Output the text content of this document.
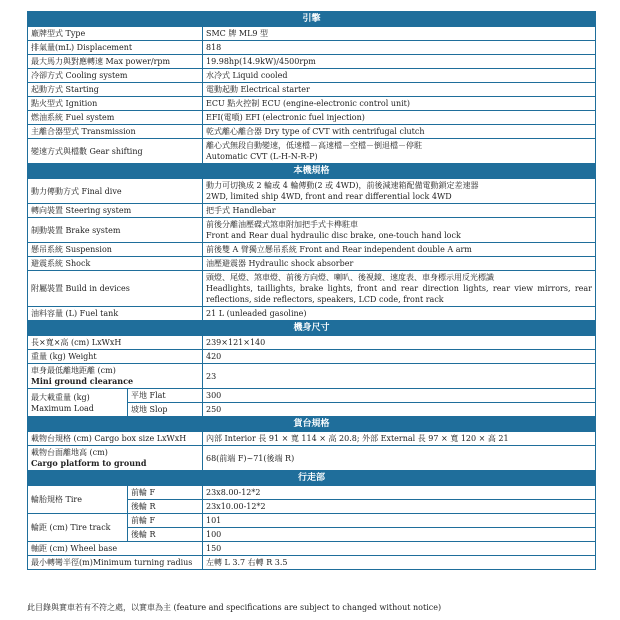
引擎		
廠牌型式 Type		SMC 牌 ML9 型
排氣量(mL) Displacement		818
最大馬力與對應轉速 Max power/rpm		19.98hp(14.9kW)/4500rpm
冷卻方式 Cooling system		水冷式 Liquid cooled
起動方式 Starting		電動起動 Electrical starter
點火型式 Ignition		ECU 點火控制 ECU (engine-electronic control unit)
燃油系統 Fuel system		EFI(電噴) EFI (electronic fuel injection)
主離合器型式 Transmission		乾式離心離合器 Dry type of CVT with centrifugal clutch
變速方式與檔數 Gear shifting		離心式無段自動變速，低速檔－高速檔－空檔－倒退檔－停駐
Automatic CVT (L-H-N-R-P)

本機規格		
動力傳動方式 Final dive		動力可切換成 2 輪或 4 輪傳動(2 或 4WD)，前後減速箱配備電動鎖定差速器
2WD, limited ship 4WD, front and rear differential lock 4WD

轉向裝置 Steering system		把手式 Handlebar
制動裝置 Brake system		前後分離油壓碟式煞車附加把手式卡榫駐車
Front and Rear dual hydraulic disc brake, one-touch hand lock

懸吊系統 Suspension		前後雙 A 臂獨立懸吊系統 Front and Rear independent double A arm
避震系統 Shock		油壓避震器 Hydraulic shock absorber
附屬裝置 Build in devices		頭燈、尾燈、煞車燈、前後方向燈、喇叭、後視鏡、速度表、車身標示用反光標識
Headlights, taillights, brake lights, front and rear direction lights, rear view mirrors, rear reflections, side reflectors, speakers, LCD code, front rack

油料容量 (L) Fuel tank		21 L (unleaded gasoline)
機身尺寸		
長×寬×高 (cm) LxWxH		239×121×140
重量 (kg) Weight		420

車身最低離地距離 (cm)
Mini ground clearance		23

最大載重量 (kg)
Maximum Load	平地 Flat	300
	坡地 Slop	250
貨台規格		
載物台規格 (cm) Cargo box size LxWxH		內部 Interior 長 91 × 寬 114 × 高 20.8; 外部 External 長 97 × 寬 120 × 高 21

載物台面離地高 (cm)
Cargo platform to ground		68(前端 F)~71(後端 R)
行走部		
輪胎規格 Tire	前輪 F	23x8.00-12*2
	後輪 R	23x10.00-12*2
輪距 (cm) Tire track	前輪 F	101
	後輪 R	100
軸距 (cm) Wheel base		150
最小轉彎半徑(m)Minimum turning radius		左轉 L 3.7 右轉 R 3.5
此目錄與實車若有不符之處，以實車為主 (feature and specifications are subject to changed without notice)
